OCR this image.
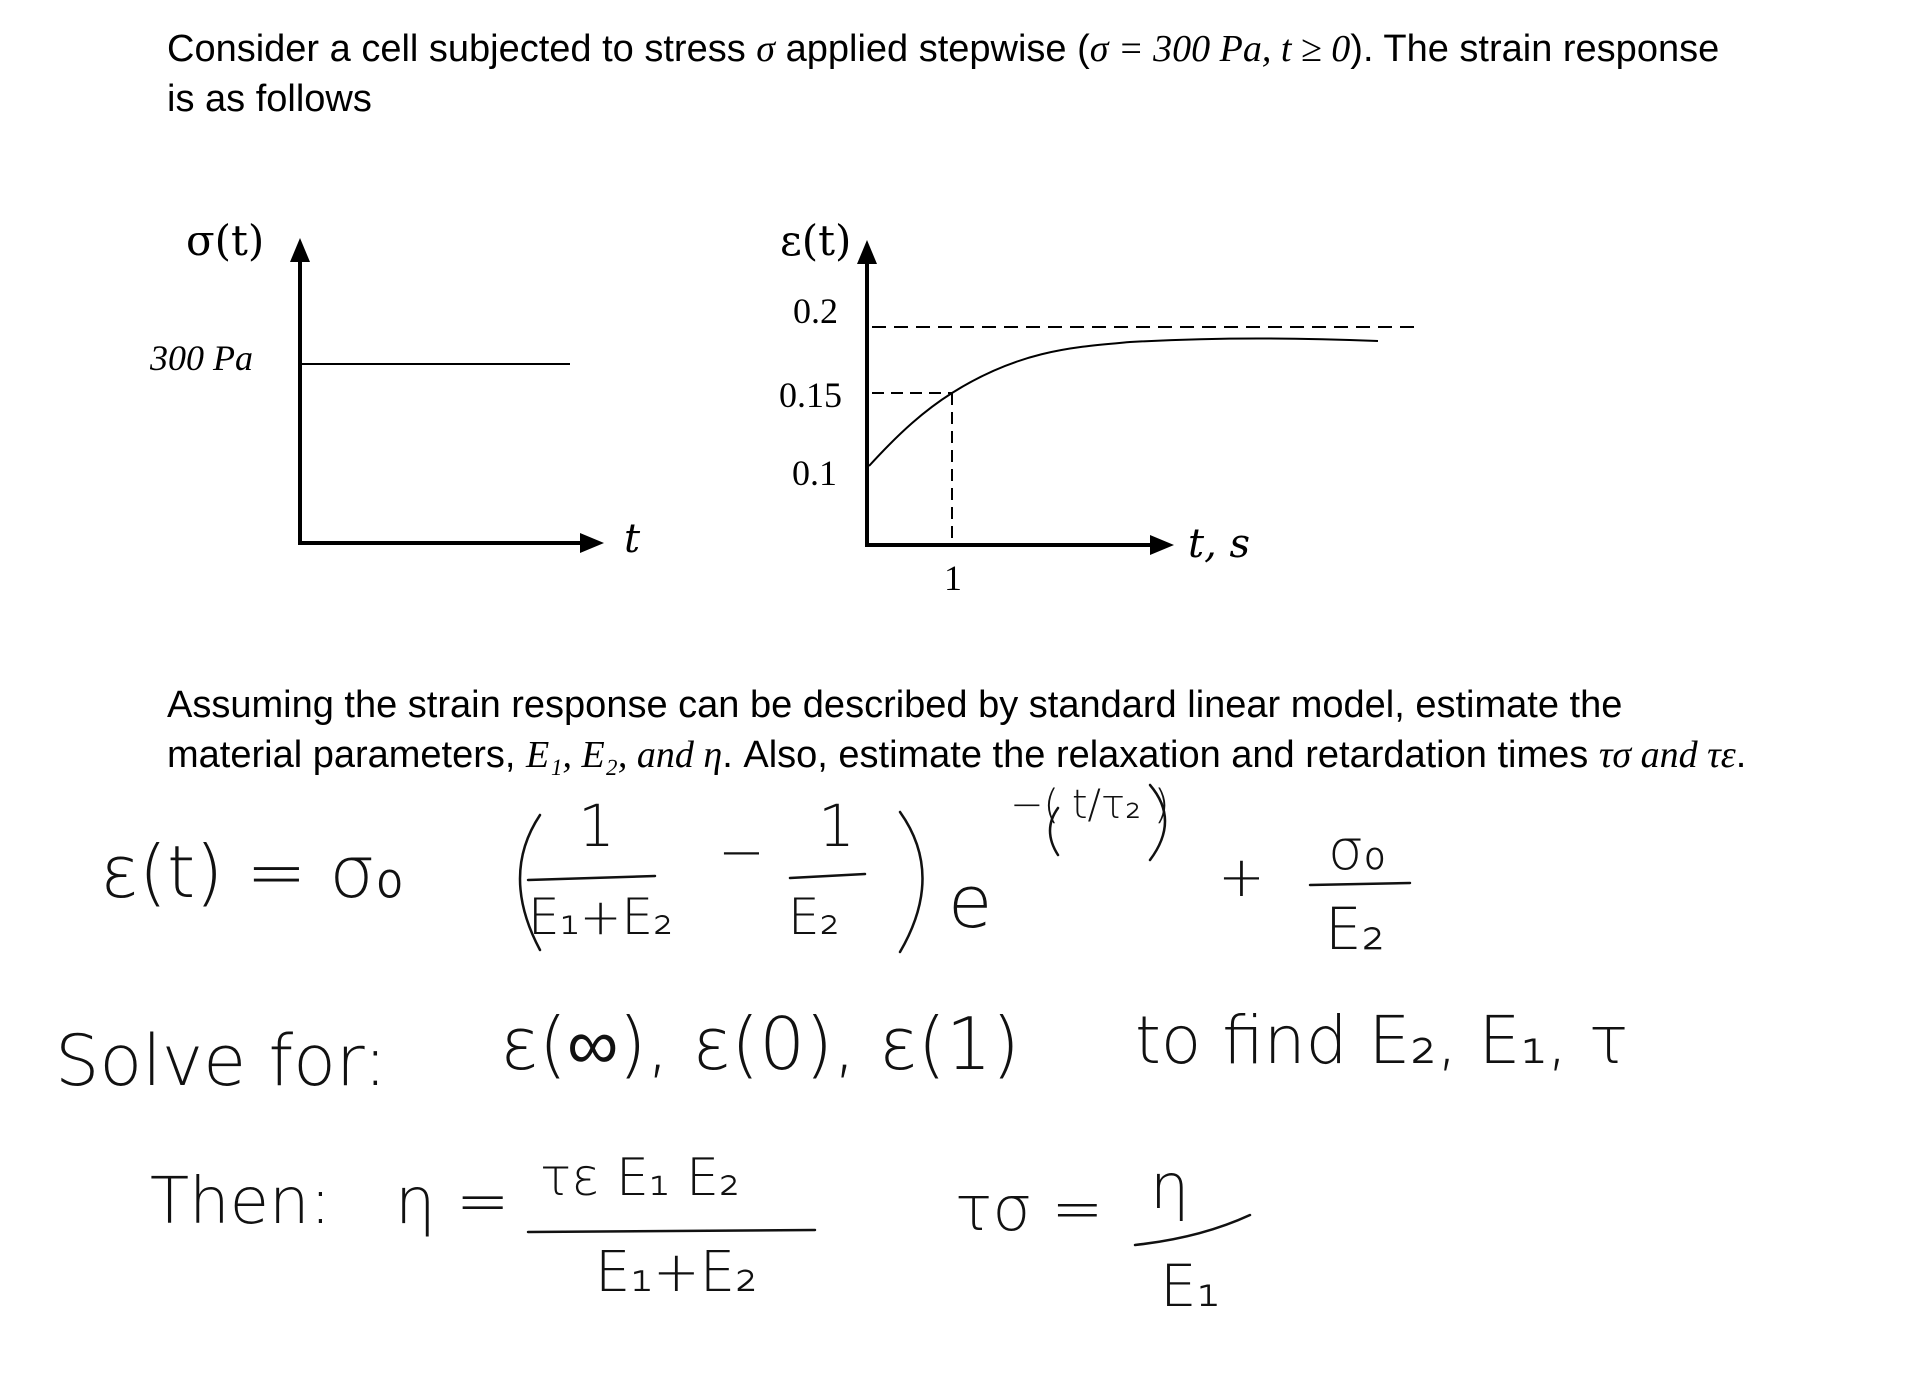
Consider a cell subjected to stress σ applied stepwise (σ = 300 Pa, t ≥ 0). The strain response
is as follows
σ(t)
300 Pa
t
ε(t)
0.2
0.15
0.1
1
t, s
Assuming the strain response can be described by standard linear model, estimate the
material parameters, E₁, E₂, and η. Also, estimate the relaxation and retardation times τσ and τε.
ε(t) = σ₀
1
E₁+E₂
− 1
E₂ e
−( t/τ₂ )
+ σ₀
E₂
Solve for: ε(∞), ε(0), ε(1) to find E₂, E₁, τ
Then: η = τε E₁ E₂
E₁+E₂
τσ = η
E₁
